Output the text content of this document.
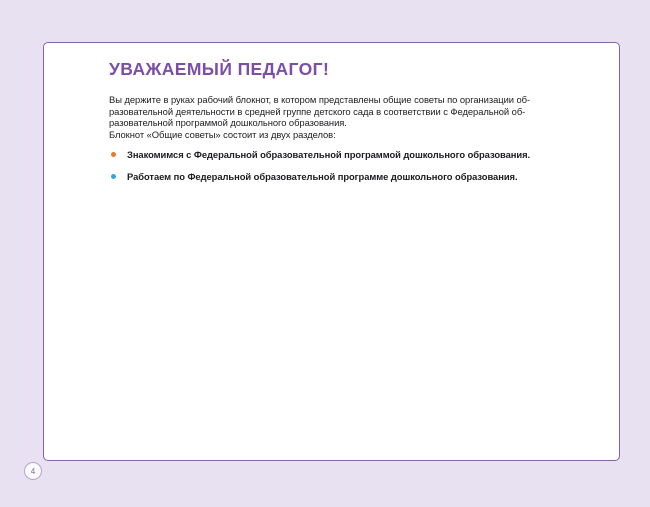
УВАЖАЕМЫЙ ПЕДАГОГ!
Вы держите в руках рабочий блокнот, в котором представлены общие советы по организации об-
разовательной деятельности в средней группе детского сада в соответствии с Федеральной об-
разовательной программой дошкольного образования.
Блокнот «Общие советы» состоит из двух разделов:
Знакомимся с Федеральной образовательной программой дошкольного образования.
Работаем по Федеральной образовательной программе дошкольного образования.
4
